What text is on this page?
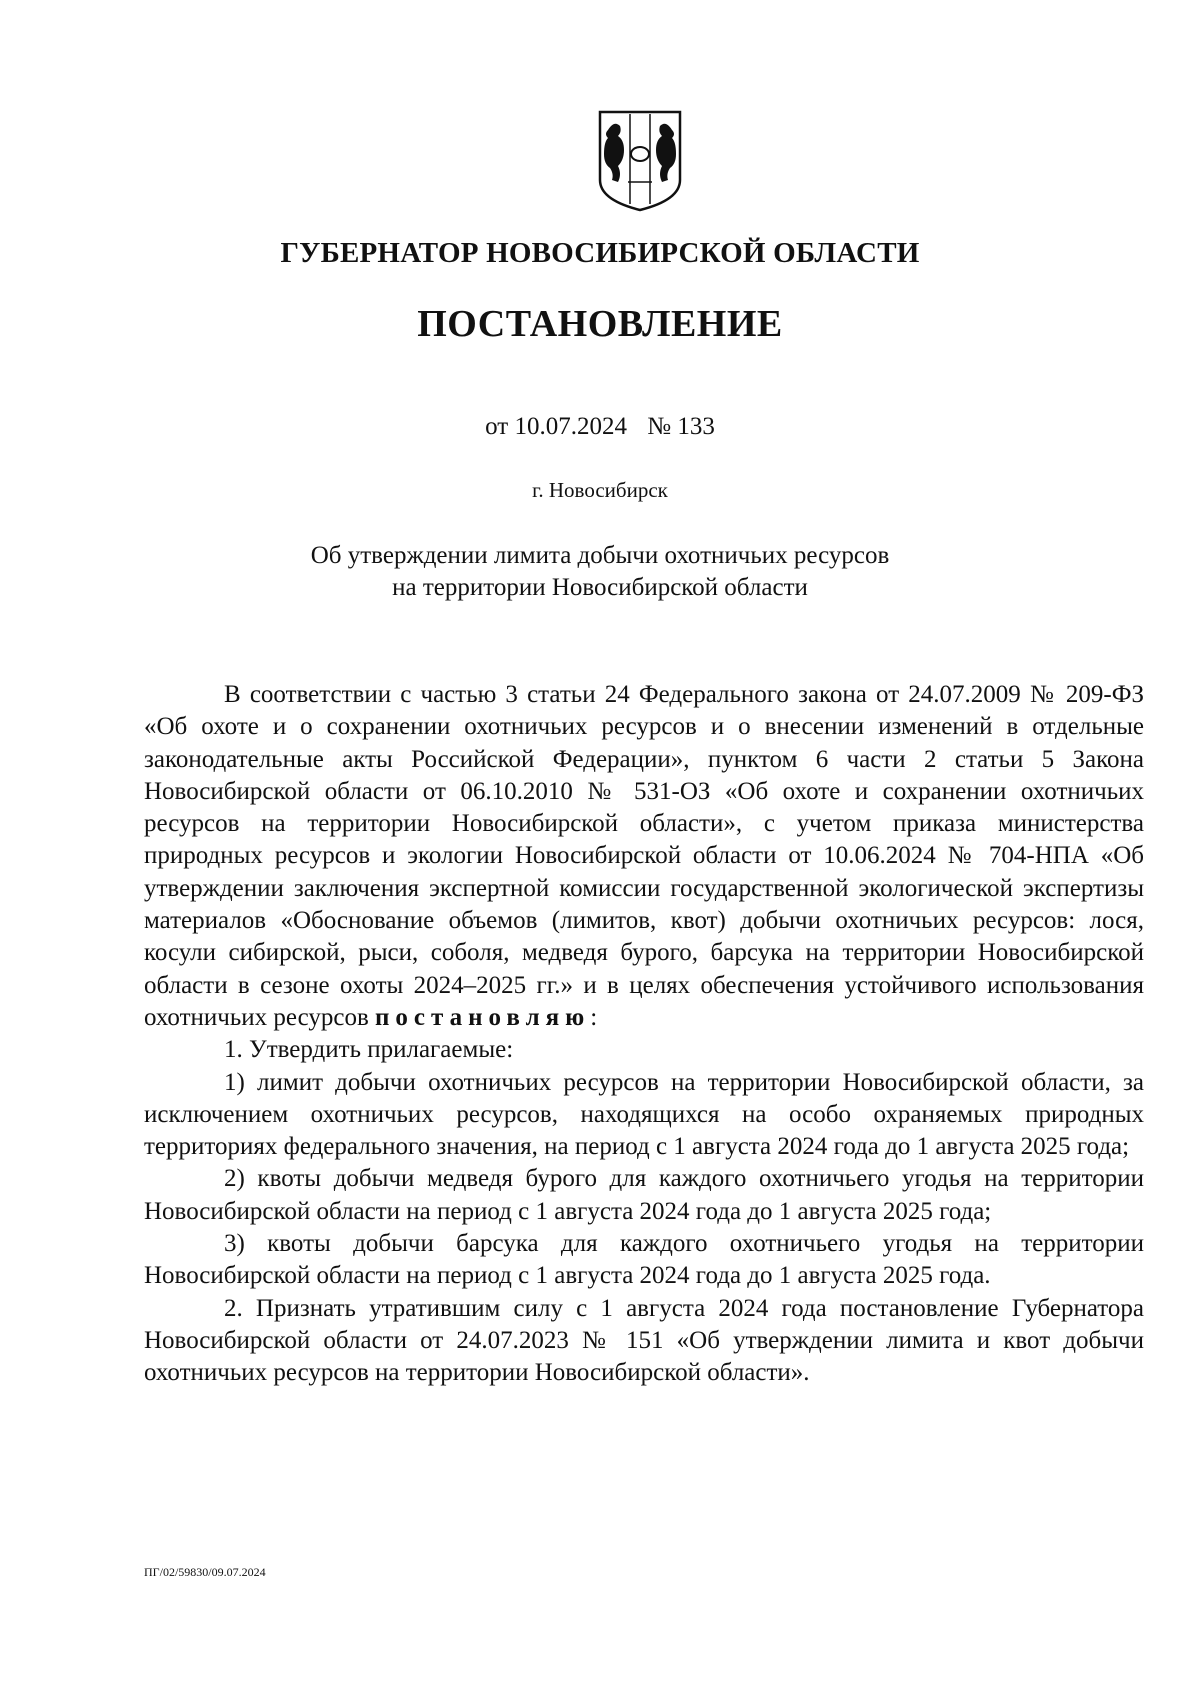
ГУБЕРНАТОР НОВОСИБИРСКОЙ ОБЛАСТИ
ПОСТАНОВЛЕНИЕ
от 10.07.2024 № 133
г. Новосибирск
Об утверждении лимита добычи охотничьих ресурсов
на территории Новосибирской области

В соответствии с частью 3 статьи 24 Федерального закона от 24.07.2009 № 209-ФЗ «Об охоте и о сохранении охотничьих ресурсов и о внесении изменений в отдельные законодательные акты Российской Федерации», пунктом 6 части 2 статьи 5 Закона Новосибирской области от 06.10.2010 № 531-ОЗ «Об охоте и сохранении охотничьих ресурсов на территории Новосибирской области», с учетом приказа министерства природных ресурсов и экологии Новосибирской области от 10.06.2024 № 704-НПА «Об утверждении заключения экспертной комиссии государственной экологической экспертизы материалов «Обоснование объемов (лимитов, квот) добычи охотничьих ресурсов: лося, косули сибирской, рыси, соболя, медведя бурого, барсука на территории Новосибирской области в сезоне охоты 2024–2025 гг.» и в целях обеспечения устойчивого использования охотничьих ресурсов постановляю:

1. Утвердить прилагаемые:

1) лимит добычи охотничьих ресурсов на территории Новосибирской области, за исключением охотничьих ресурсов, находящихся на особо охраняемых природных территориях федерального значения, на период с 1 августа 2024 года до 1 августа 2025 года;

2) квоты добычи медведя бурого для каждого охотничьего угодья на территории Новосибирской области на период с 1 августа 2024 года до 1 августа 2025 года;

3) квоты добычи барсука для каждого охотничьего угодья на территории Новосибирской области на период с 1 августа 2024 года до 1 августа 2025 года.

2. Признать утратившим силу с 1 августа 2024 года постановление Губернатора Новосибирской области от 24.07.2023 № 151 «Об утверждении лимита и квот добычи охотничьих ресурсов на территории Новосибирской области».

ПГ/02/59830/09.07.2024
